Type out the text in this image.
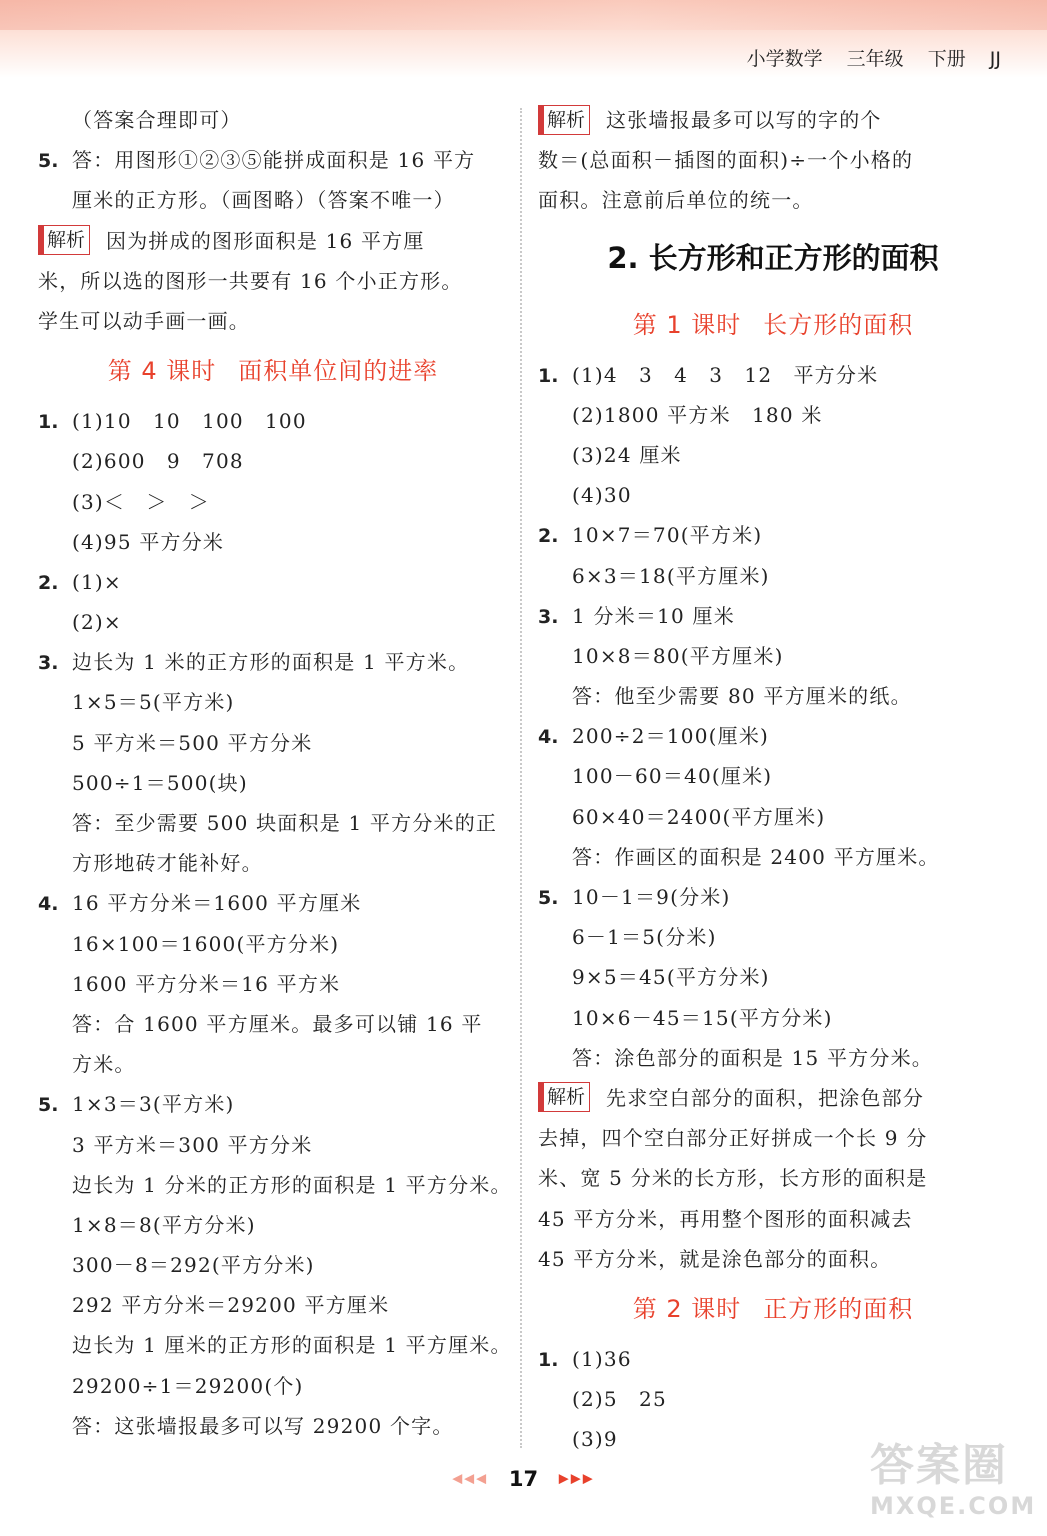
小学数学 三年级 下册 JJ
（答案合理即可）
5. 答：用图形①②③⑤能拼成面积是 16 平方
厘米的正方形。（画图略）（答案不唯一）
解析 因为拼成的图形面积是 16 平方厘
米，所以选的图形一共要有 16 个小正方形。
学生可以动手画一画。
第 4 课时 面积单位间的进率
1. (1)10　10　100　100
(2)600　9　708
(3)＜　＞　＞
(4)95 平方分米
2. (1)×
(2)×
3. 边长为 1 米的正方形的面积是 1 平方米。
1×5＝5(平方米)
5 平方米＝500 平方分米
500÷1＝500(块)
答：至少需要 500 块面积是 1 平方分米的正
方形地砖才能补好。
4. 16 平方分米＝1600 平方厘米
16×100＝1600(平方分米)
1600 平方分米＝16 平方米
答：合 1600 平方厘米。最多可以铺 16 平
方米。
5. 1×3＝3(平方米)
3 平方米＝300 平方分米
边长为 1 分米的正方形的面积是 1 平方分米。
1×8＝8(平方分米)
300－8＝292(平方分米)
292 平方分米＝29200 平方厘米
边长为 1 厘米的正方形的面积是 1 平方厘米。
29200÷1＝29200(个)
答：这张墙报最多可以写 29200 个字。
解析 这张墙报最多可以写的字的个
数＝(总面积－插图的面积)÷一个小格的
面积。注意前后单位的统一。
2. 长方形和正方形的面积
第 1 课时 长方形的面积
1. (1)4　3　4　3　12　平方分米
(2)1800 平方米　180 米
(3)24 厘米
(4)30
2. 10×7＝70(平方米)
6×3＝18(平方厘米)
3. 1 分米＝10 厘米
10×8＝80(平方厘米)
答：他至少需要 80 平方厘米的纸。
4. 200÷2＝100(厘米)
100－60＝40(厘米)
60×40＝2400(平方厘米)
答：作画区的面积是 2400 平方厘米。
5. 10－1＝9(分米)
6－1＝5(分米)
9×5＝45(平方分米)
10×6－45＝15(平方分米)
答：涂色部分的面积是 15 平方分米。
解析 先求空白部分的面积，把涂色部分
去掉，四个空白部分正好拼成一个长 9 分
米、宽 5 分米的长方形，长方形的面积是
45 平方分米，再用整个图形的面积减去
45 平方分米，就是涂色部分的面积。
第 2 课时 正方形的面积
1. (1)36
(2)5　25
(3)9
◀◀◀ 17 ▶▶▶	答案圈
MXQE.COM
